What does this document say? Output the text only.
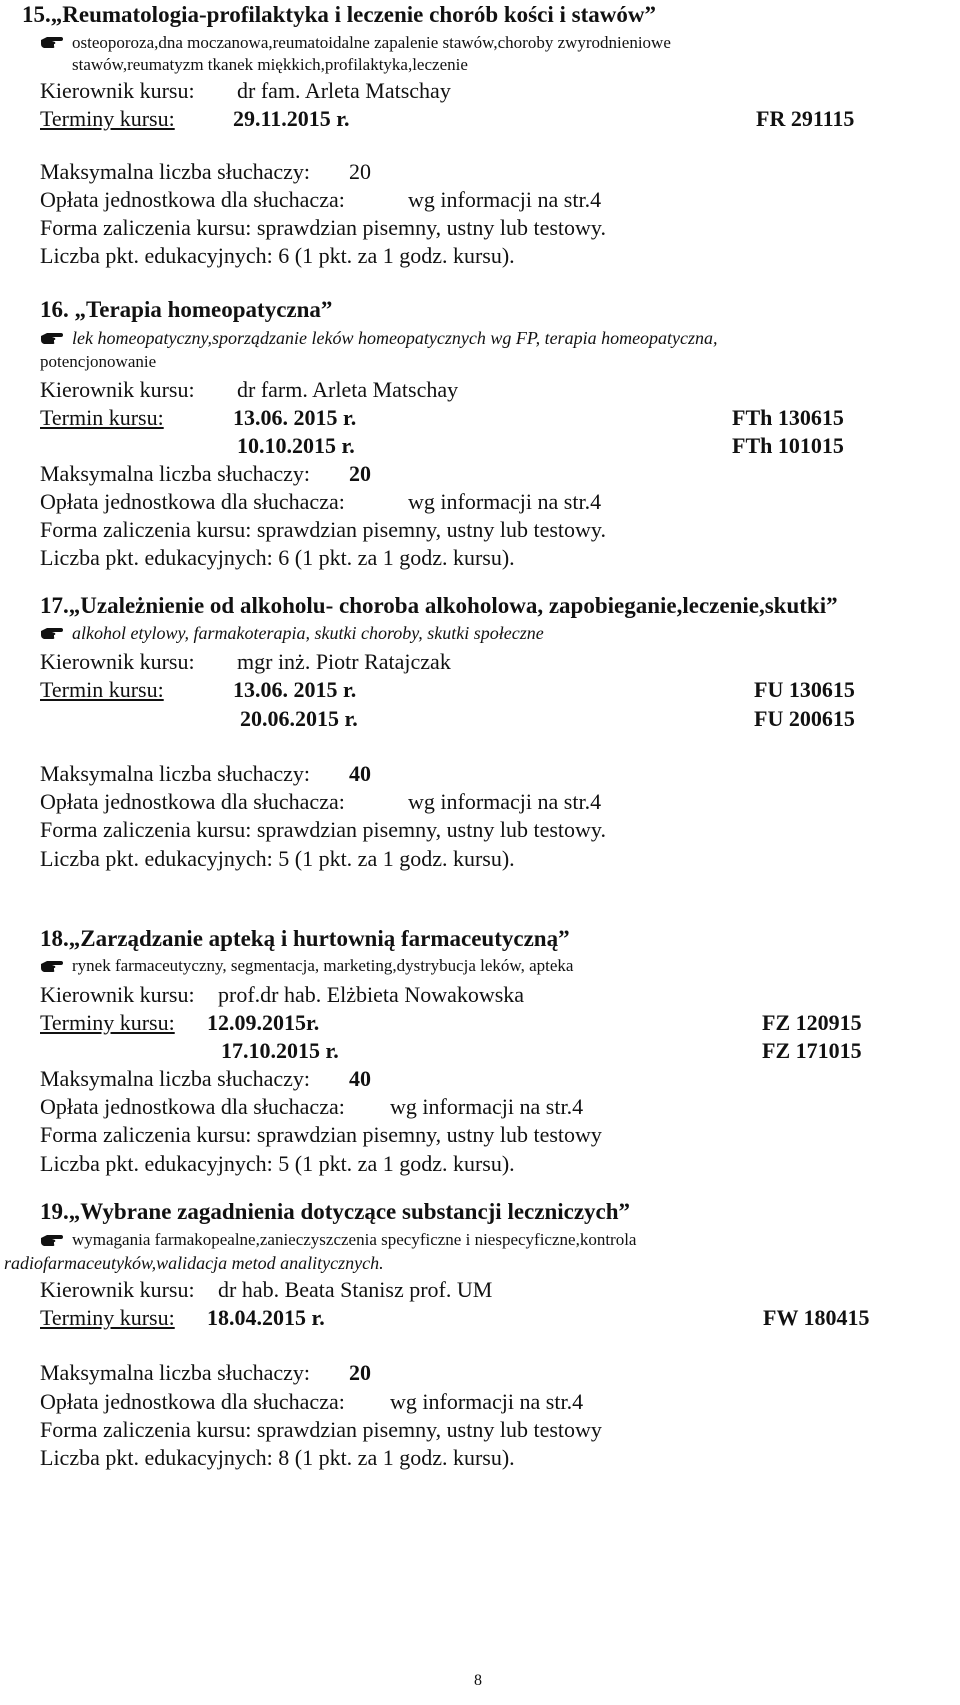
15.„Reumatologia-profilaktyka i leczenie chorób kości i stawów”
osteoporoza,dna moczanowa,reumatoidalne zapalenie stawów,choroby zwyrodnieniowe
stawów,reumatyzm tkanek miękkich,profilaktyka,leczenie
Kierownik kursu: dr fam. Arleta Matschay
Terminy kursu:	29.11.2015 r.	FR 291115
Maksymalna liczba słuchaczy: 20
Opłata jednostkowa dla słuchacza:	wg informacji na str.4
Forma zaliczenia kursu: sprawdzian pisemny, ustny lub testowy.
Liczba pkt. edukacyjnych: 6 (1 pkt. za 1 godz. kursu).
16. „Terapia homeopatyczna”
lek homeopatyczny,sporządzanie leków homeopatycznych wg FP, terapia homeopatyczna,
potencjonowanie
Kierownik kursu: dr farm. Arleta Matschay
Termin kursu:	13.06. 2015 r.	FTh 130615
10.10.2015 r.	FTh 101015
Maksymalna liczba słuchaczy: 20
Opłata jednostkowa dla słuchacza:	wg informacji na str.4
Forma zaliczenia kursu: sprawdzian pisemny, ustny lub testowy.
Liczba pkt. edukacyjnych: 6 (1 pkt. za 1 godz. kursu).
17.„Uzależnienie od alkoholu- choroba alkoholowa, zapobieganie,leczenie,skutki”
alkohol etylowy, farmakoterapia, skutki choroby, skutki społeczne
Kierownik kursu: mgr inż. Piotr Ratajczak
Termin kursu:	13.06. 2015 r.	FU 130615
20.06.2015 r.	FU 200615
Maksymalna liczba słuchaczy: 40
Opłata jednostkowa dla słuchacza:	wg informacji na str.4
Forma zaliczenia kursu: sprawdzian pisemny, ustny lub testowy.
Liczba pkt. edukacyjnych: 5 (1 pkt. za 1 godz. kursu).
18.„Zarządzanie apteką i hurtownią farmaceutyczną”
rynek farmaceutyczny, segmentacja, marketing,dystrybucja leków, apteka
Kierownik kursu: prof.dr hab. Elżbieta Nowakowska
Terminy kursu: 12.09.2015r.	FZ 120915
17.10.2015 r.	FZ 171015
Maksymalna liczba słuchaczy: 40
Opłata jednostkowa dla słuchacza: wg informacji na str.4
Forma zaliczenia kursu: sprawdzian pisemny, ustny lub testowy
Liczba pkt. edukacyjnych: 5 (1 pkt. za 1 godz. kursu).
19.„Wybrane zagadnienia dotyczące substancji leczniczych”
wymagania farmakopealne,zanieczyszczenia specyficzne i niespecyficzne,kontrola
radiofarmaceutyków,walidacja metod analitycznych.
Kierownik kursu: dr hab. Beata Stanisz prof. UM
Terminy kursu: 18.04.2015 r.	FW 180415
Maksymalna liczba słuchaczy: 20
Opłata jednostkowa dla słuchacza: wg informacji na str.4
Forma zaliczenia kursu: sprawdzian pisemny, ustny lub testowy
Liczba pkt. edukacyjnych: 8 (1 pkt. za 1 godz. kursu).
8
